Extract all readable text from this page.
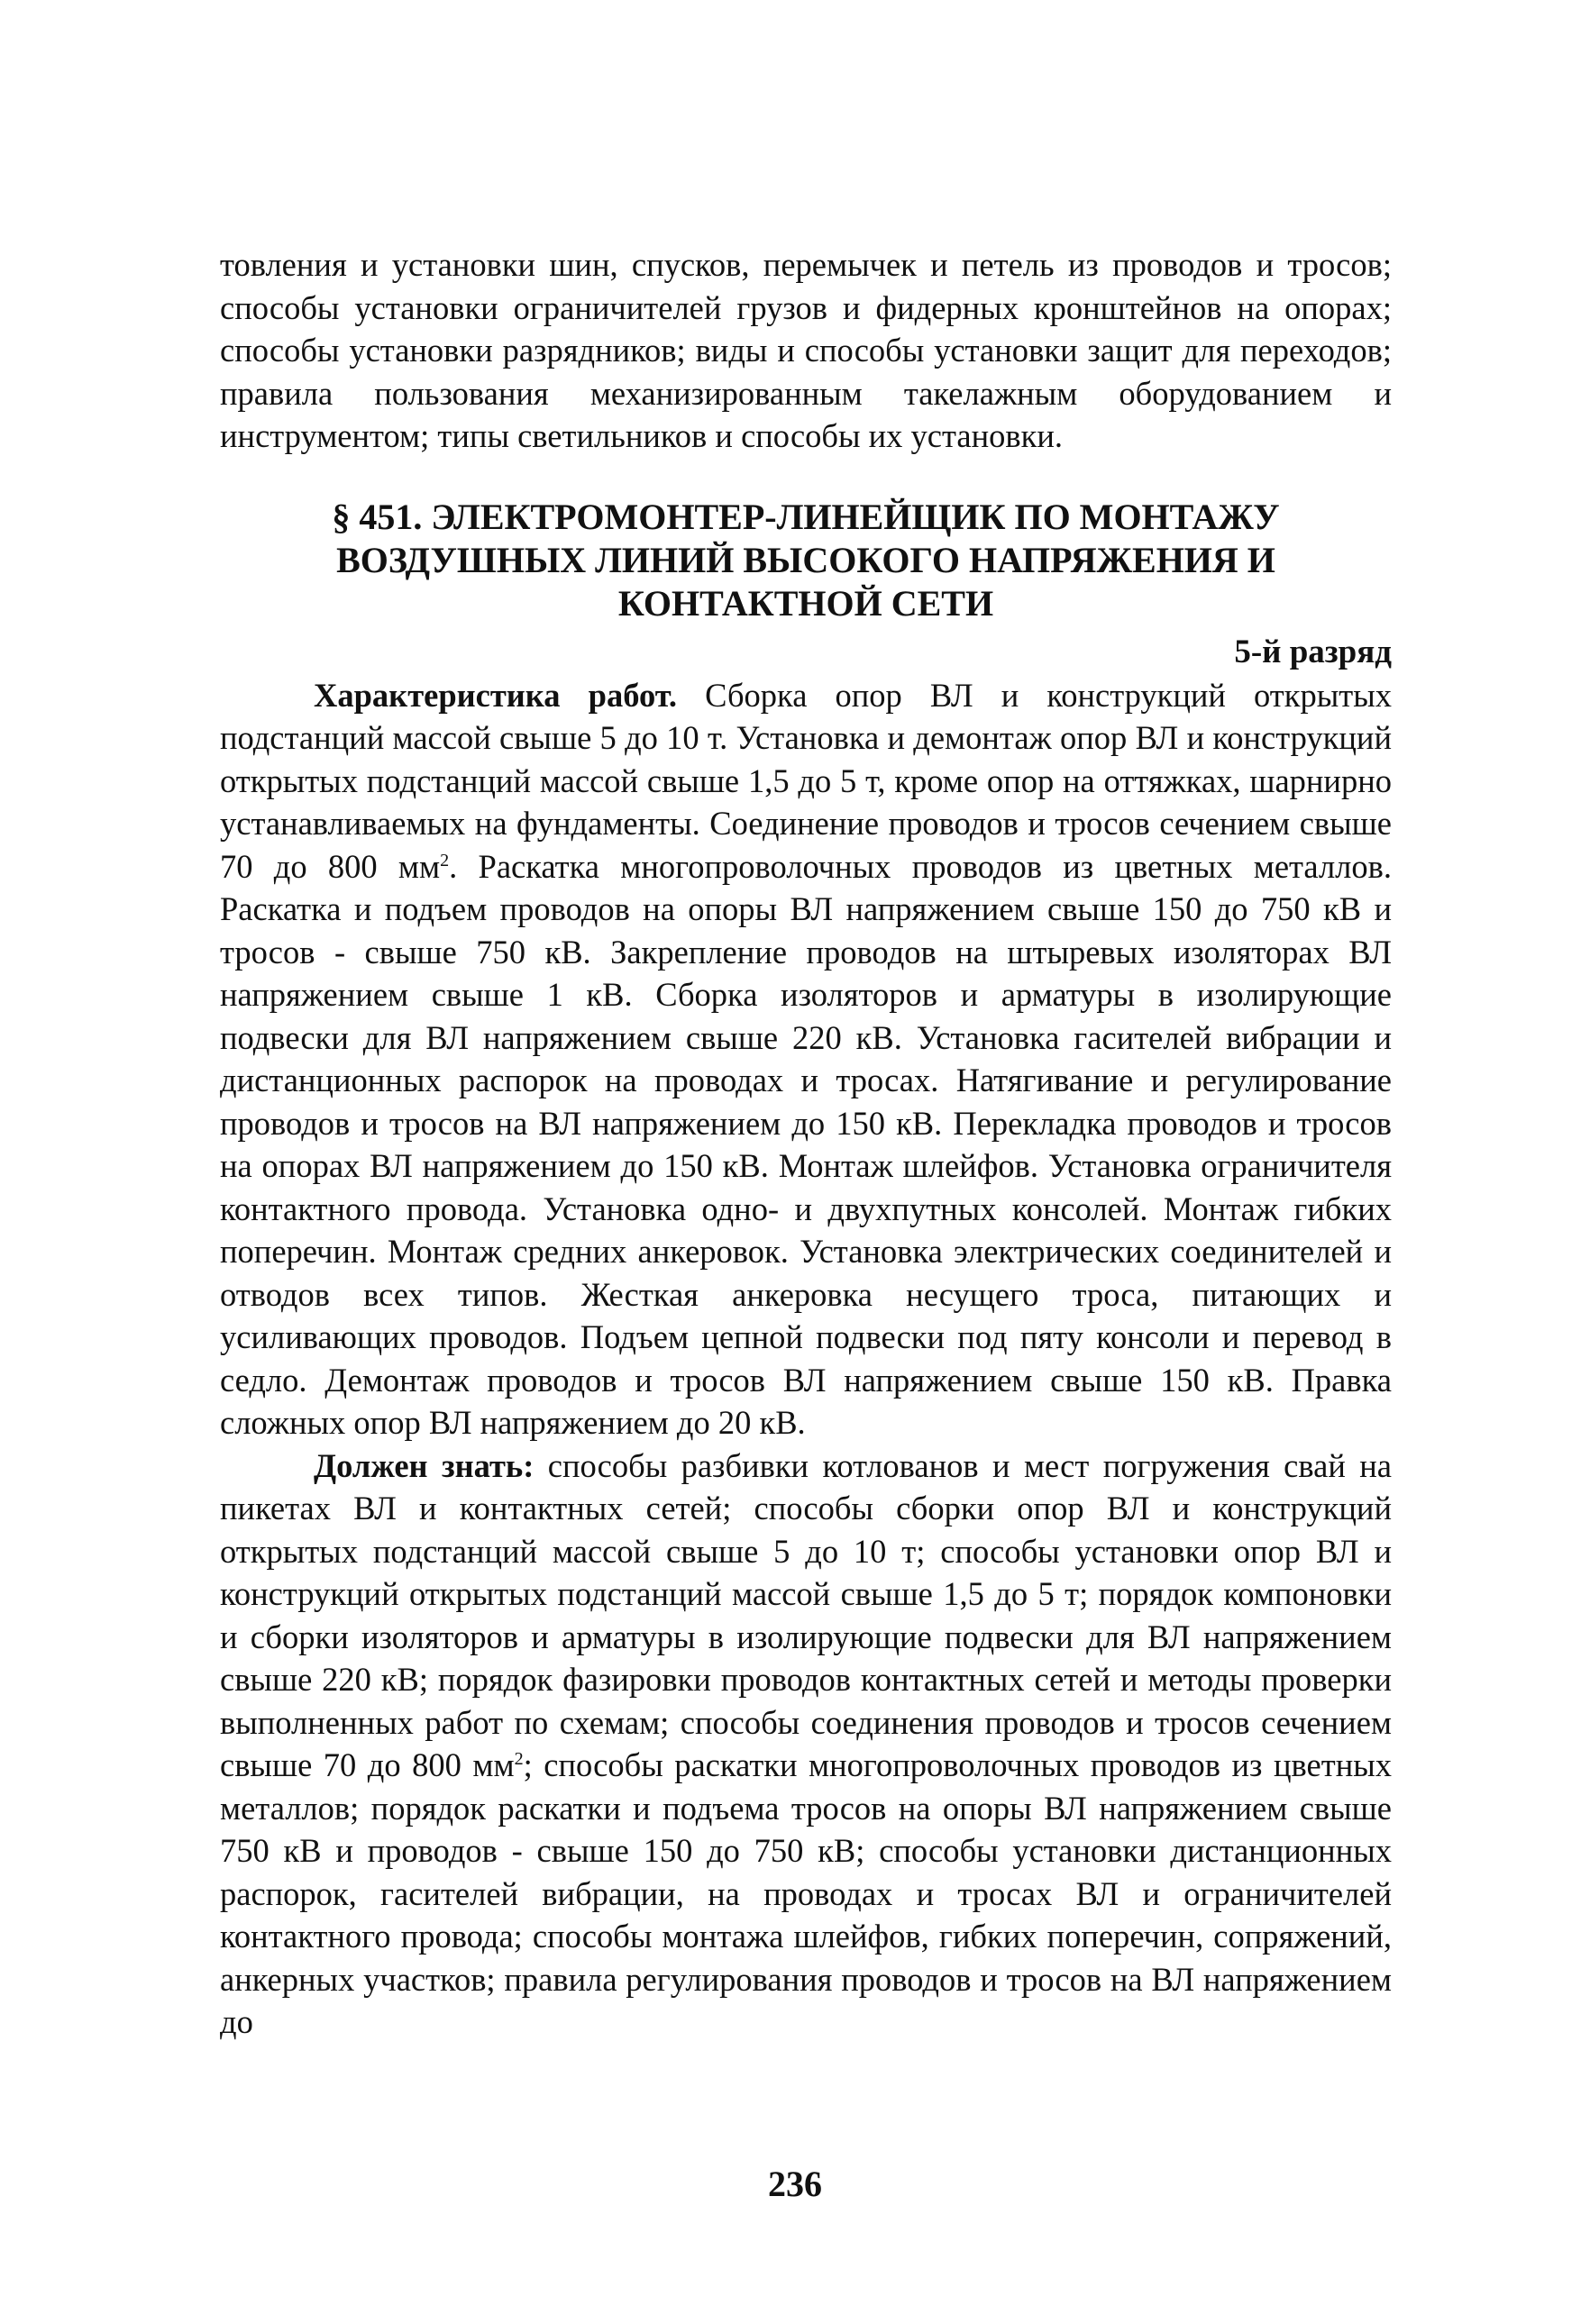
товления и установки шин, спусков, перемычек и петель из проводов и тросов; способы установки ограничителей грузов и фидерных кронштейнов на опорах; способы установки разрядников; виды и способы установки защит для переходов; правила пользования механизированным такелажным оборудованием и инструментом; типы светильников и способы их установки.

§ 451. ЭЛЕКТРОМОНТЕР-ЛИНЕЙЩИК ПО МОНТАЖУ ВОЗДУШНЫХ ЛИНИЙ ВЫСОКОГО НАПРЯЖЕНИЯ И КОНТАКТНОЙ СЕТИ

5-й разряд

Характеристика работ. Сборка опор ВЛ и конструкций открытых подстанций массой свыше 5 до 10 т. Установка и демонтаж опор ВЛ и конструкций открытых подстанций массой свыше 1,5 до 5 т, кроме опор на оттяжках, шарнирно устанавливаемых на фундаменты. Соединение проводов и тросов сечением свыше 70 до 800 $мм^2$. Раскатка многопроволочных проводов из цветных металлов. Раскатка и подъем проводов на опоры ВЛ напряжением свыше 150 до 750 кВ и тросов - свыше 750 кВ. Закрепление проводов на штыревых изоляторах ВЛ напряжением свыше 1 кВ. Сборка изоляторов и арматуры в изолирующие подвески для ВЛ напряжением свыше 220 кВ. Установка гасителей вибрации и дистанционных распорок на проводах и тросах. Натягивание и регулирование проводов и тросов на ВЛ напряжением до 150 кВ. Перекладка проводов и тросов на опорах ВЛ напряжением до 150 кВ. Монтаж шлейфов. Установка ограничителя контактного провода. Установка одно- и двухпутных консолей. Монтаж гибких поперечин. Монтаж средних анкеровок. Установка электрических соединителей и отводов всех типов. Жесткая анкеровка несущего троса, питающих и усиливающих проводов. Подъем цепной подвески под пяту консоли и перевод в седло. Демонтаж проводов и тросов ВЛ напряжением свыше 150 кВ. Правка сложных опор ВЛ напряжением до 20 кВ.

Должен знать: способы разбивки котлованов и мест погружения свай на пикетах ВЛ и контактных сетей; способы сборки опор ВЛ и конструкций открытых подстанций массой свыше 5 до 10 т; способы установки опор ВЛ и конструкций открытых подстанций массой свыше 1,5 до 5 т; порядок компоновки и сборки изоляторов и арматуры в изолирующие подвески для ВЛ напряжением свыше 220 кВ; порядок фазировки проводов контактных сетей и методы проверки выполненных работ по схемам; способы соединения проводов и тросов сечением свыше 70 до 800 $мм^2$; способы раскатки многопроволочных проводов из цветных металлов; порядок раскатки и подъема тросов на опоры ВЛ напряжением свыше 750 кВ и проводов - свыше 150 до 750 кВ; способы установки дистанционных распорок, гасителей вибрации, на проводах и тросах ВЛ и ограничителей контактного провода; способы монтажа шлейфов, гибких поперечин, сопряжений, анкерных участков; правила регулирования проводов и тросов на ВЛ напряжением до

236
